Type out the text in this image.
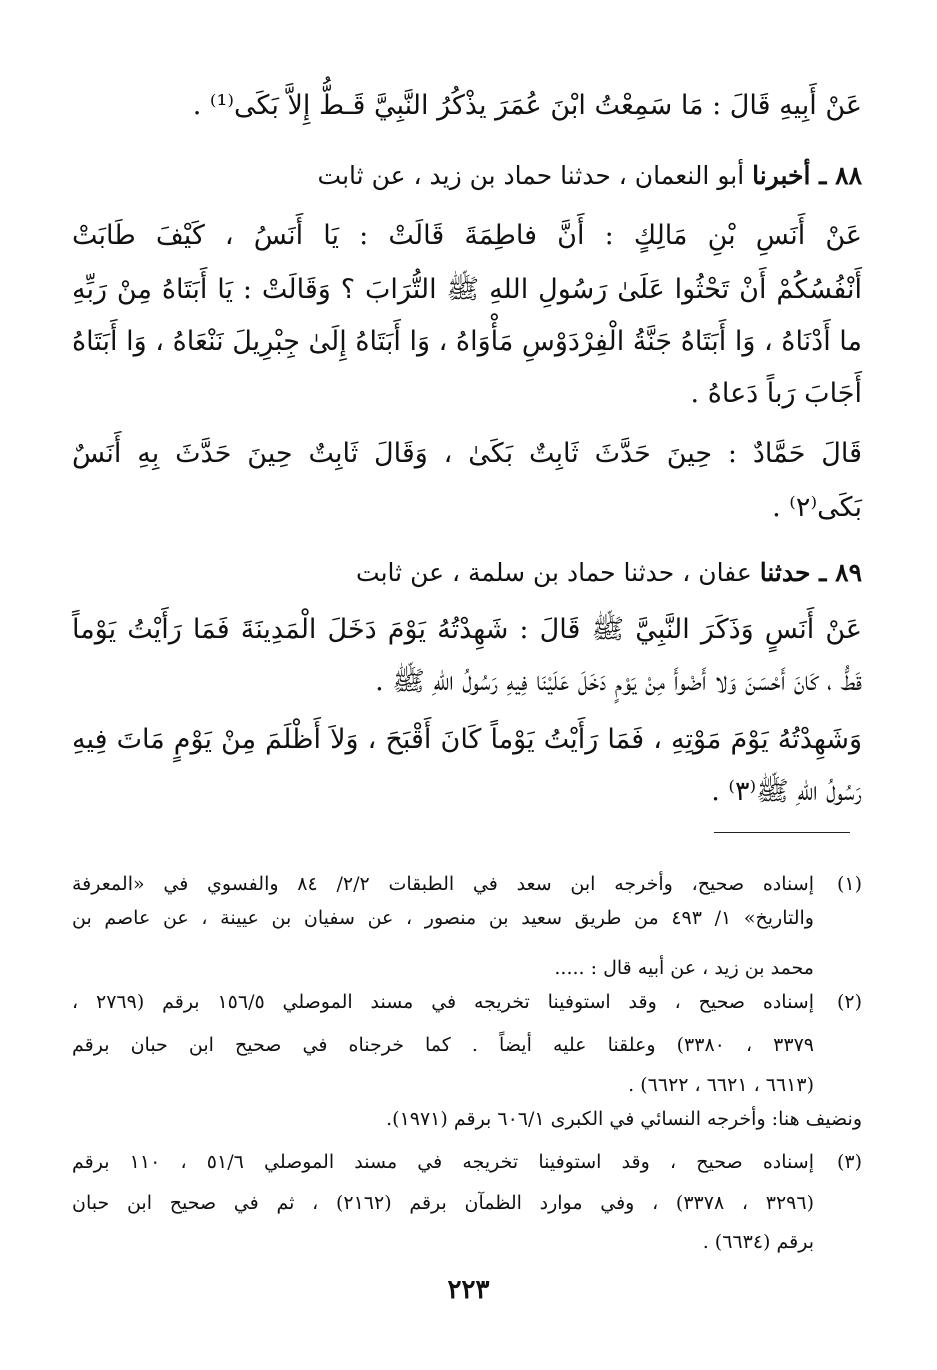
عَنْ أَبِيهِ قَالَ : مَا سَمِعْتُ ابْنَ عُمَرَ يذْكُرُ النَّبِيَّ قَـطُّ إِلاَّ بَكَى⁽¹⁾ .
٨٨ ـ أخبرنا أبو النعمان ، حدثنا حماد بن زيد ، عن ثابت
عَنْ أَنَسِ بْنِ مَالِكٍ : أَنَّ فاطِمَةَ قَالَتْ : يَا أَنَسُ ، كَيْفَ طَابَتْ
أَنْفُسُكُمْ أَنْ تَحْثُوا عَلَىٰ رَسُولِ اللهِ ﷺ التُّرَابَ ؟ وَقَالَتْ : يَا أَبَتَاهُ مِنْ رَبِّهِ
ما أَدْنَاهُ ، وَا أَبَتَاهُ جَنَّةُ الْفِرْدَوْسِ مَأْوَاهُ ، وَا أَبَتَاهُ إِلَىٰ جِبْرِيلَ نَنْعَاهُ ، وَا أَبَتَاهُ
أَجَابَ رَباً دَعاهُ .
قَالَ حَمَّادٌ : حِينَ حَدَّثَ ثَابِتٌ بَكَىٰ ، وَقَالَ ثَابِتٌ حِينَ حَدَّثَ بِهِ أَنَسٌ
بَكَى⁽٢⁾ .
٨٩ ـ حدثنا عفان ، حدثنا حماد بن سلمة ، عن ثابت
عَنْ أَنَسٍ وَذَكَرَ النَّبِيَّ ﷺ قَالَ : شَهِدْتُهُ يَوْمَ دَخَلَ الْمَدِينَةَ فَمَا رَأَيْتُ يَوْماً
قَطُّ ، كَانَ أَحْسَنَ وَلا أَضْوأَ مِنْ يَوْمٍ دَخَلَ عَلَيْنَا فِيهِ رَسُولُ اللهِ ﷺ .
وَشَهِدْتُهُ يَوْمَ مَوْتِهِ ، فَمَا رَأَيْتُ يَوْماً كَانَ أَقْبَحَ ، وَلاَ أَظْلَمَ مِنْ يَوْمٍ مَاتَ فِيهِ
رَسُولُ اللهِ ﷺ⁽٣⁾ .
(١)
إسناده صحيح، وأخرجه ابن سعد في الطبقات ٢/٢/ ٨٤ والفسوي في «المعرفة
والتاريخ» ١/ ٤٩٣ من طريق سعيد بن منصور ، عن سفيان بن عيينة ، عن عاصم بن
محمد بن زيد ، عن أبيه قال : .....
(٢)
إسناده صحيح ، وقد استوفينا تخريجه في مسند الموصلي ١٥٦/٥ برقم (٢٧٦٩ ،
٣٣٧٩ ، ٣٣٨٠) وعلقنا عليه أيضاً . كما خرجناه في صحيح ابن حبان برقم
(٦٦١٣ ، ٦٦٢١ ، ٦٦٢٢) .
ونضيف هنا: وأخرجه النسائي في الكبرى ٦٠٦/١ برقم (١٩٧١).
(٣)
إسناده صحيح ، وقد استوفينا تخريجه في مسند الموصلي ٥١/٦ ، ١١٠ برقم
(٣٢٩٦ ، ٣٣٧٨) ، وفي موارد الظمآن برقم (٢١٦٢) ، ثم في صحيح ابن حبان
برقم (٦٦٣٤) .
٢٢٣
